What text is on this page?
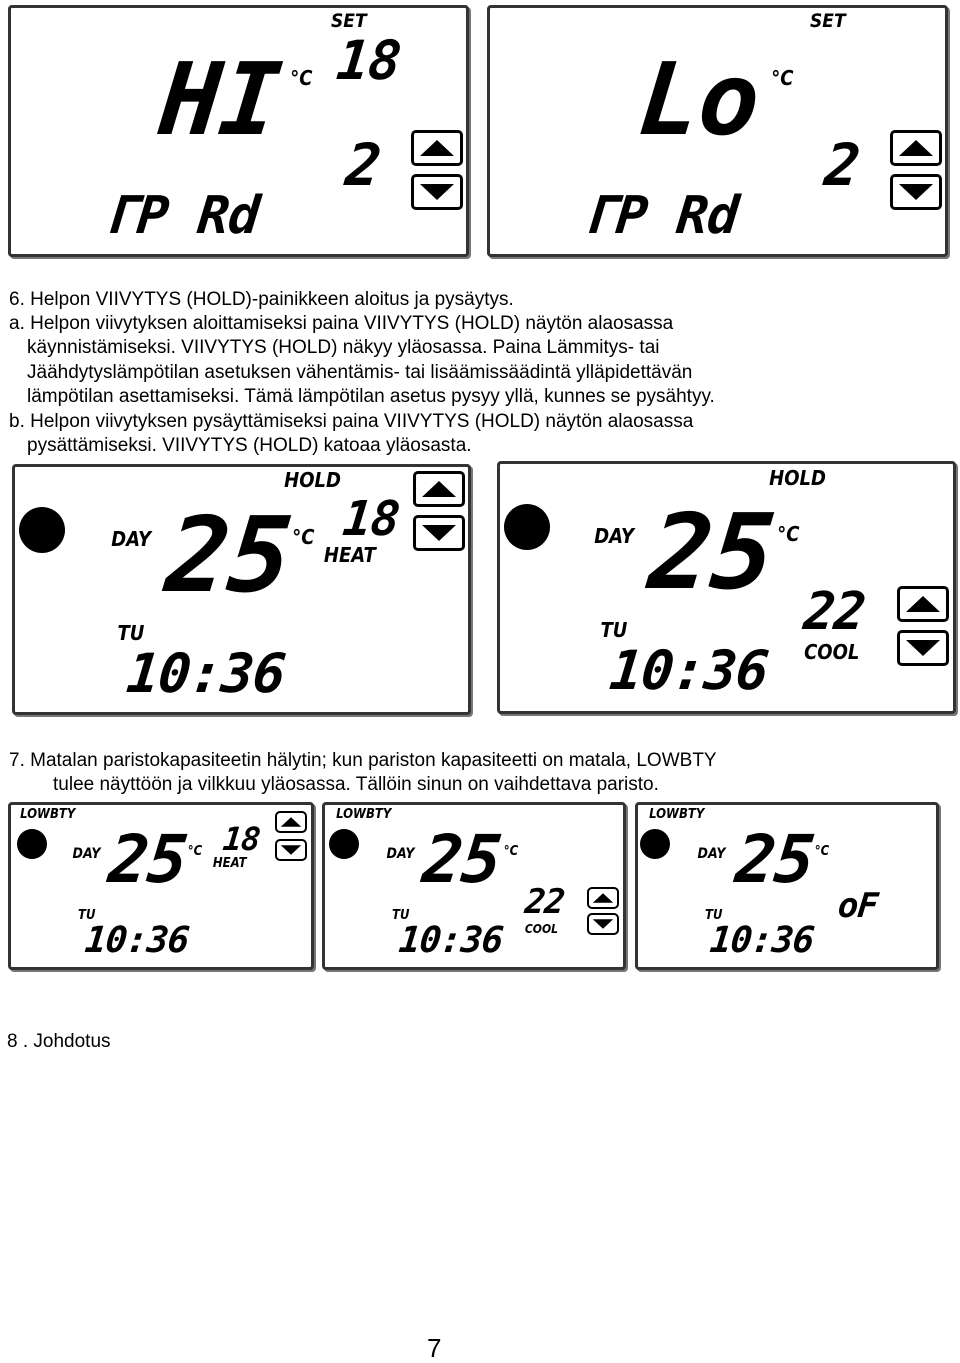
SET
HI °C 18
2
ΓP Rd
SET
Lo °C
2
ΓP Rd
6. Helpon VIIVYTYS (HOLD)-painikkeen aloitus ja pysäytys.
a. Helpon viivytyksen aloittamiseksi paina VIIVYTYS (HOLD) näytön alaosassa
käynnistämiseksi. VIIVYTYS (HOLD) näkyy yläosassa. Paina Lämmitys- tai
Jäähdytyslämpötilan asetuksen vähentämis- tai lisäämissäädintä ylläpidettävän
lämpötilan asettamiseksi. Tämä lämpötilan asetus pysyy yllä, kunnes se pysähtyy.
b. Helpon viivytyksen pysäyttämiseksi paina VIIVYTYS (HOLD) näytön alaosassa
pysättämiseksi. VIIVYTYS (HOLD) katoaa yläosasta.
HOLD
DAY 25
°C 18
HEAT
TU
10:36
HOLD
DAY 25
°C
22
COOL
TU
10:36
7. Matalan paristokapasiteetin hälytin; kun pariston kapasiteetti on matala, LOWBTY
tulee näyttöön ja vilkkuu yläosassa. Tällöin sinun on vaihdettava paristo.
LOWBTY
DAY 25
°C 18
HEAT
TU
10:36
LOWBTY
DAY 25 °C
22
COOL
TU
10:36
LOWBTY
DAY 25
°C
oF
TU
10:36
8 . Johdotus
7
